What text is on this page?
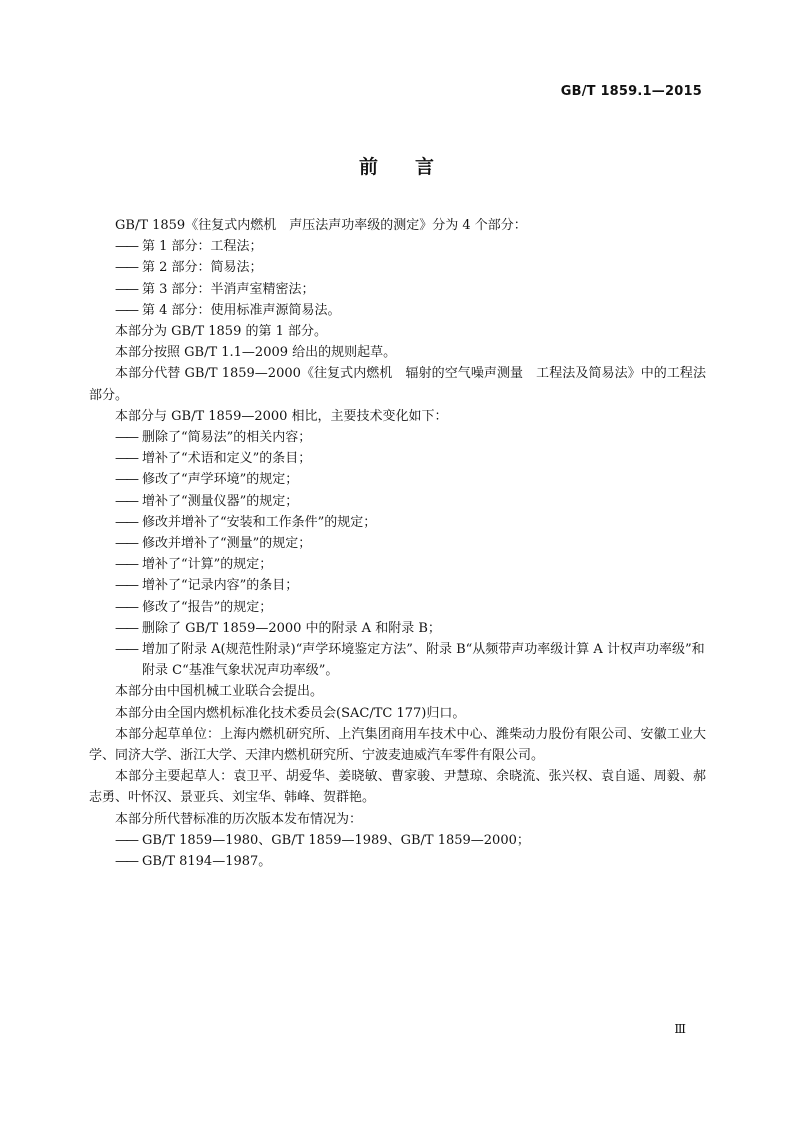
GB/T 1859.1—2015
前 言

GB/T 1859《往复式内燃机　声压法声功率级的测定》分为 4 个部分：

—— 第 1 部分：工程法；

—— 第 2 部分：简易法；

—— 第 3 部分：半消声室精密法；

—— 第 4 部分：使用标准声源简易法。

本部分为 GB/T 1859 的第 1 部分。

本部分按照 GB/T 1.1—2009 给出的规则起草。

本部分代替 GB/T 1859—2000《往复式内燃机　辐射的空气噪声测量　工程法及简易法》中的工程法部分。

本部分与 GB/T 1859—2000 相比，主要技术变化如下：

—— 删除了“简易法”的相关内容；

—— 增补了“术语和定义”的条目；

—— 修改了“声学环境”的规定；

—— 增补了“测量仪器”的规定；

—— 修改并增补了“安装和工作条件”的规定；

—— 修改并增补了“测量”的规定；

—— 增补了“计算”的规定；

—— 增补了“记录内容”的条目；

—— 修改了“报告”的规定；

—— 删除了 GB/T 1859—2000 中的附录 A 和附录 B；

—— 增加了附录 A(规范性附录)“声学环境鉴定方法”、附录 B“从频带声功率级计算 A 计权声功率级”和附录 C“基准气象状况声功率级”。

本部分由中国机械工业联合会提出。

本部分由全国内燃机标准化技术委员会(SAC/TC 177)归口。

本部分起草单位：上海内燃机研究所、上汽集团商用车技术中心、潍柴动力股份有限公司、安徽工业大学、同济大学、浙江大学、天津内燃机研究所、宁波麦迪威汽车零件有限公司。

本部分主要起草人：袁卫平、胡爱华、姜晓敏、曹家骏、尹慧琼、余晓流、张兴权、袁自遥、周毅、郝志勇、叶怀汉、景亚兵、刘宝华、韩峰、贺群艳。

本部分所代替标准的历次版本发布情况为：

—— GB/T 1859—1980、GB/T 1859—1989、GB/T 1859—2000；

—— GB/T 8194—1987。

Ⅲ
